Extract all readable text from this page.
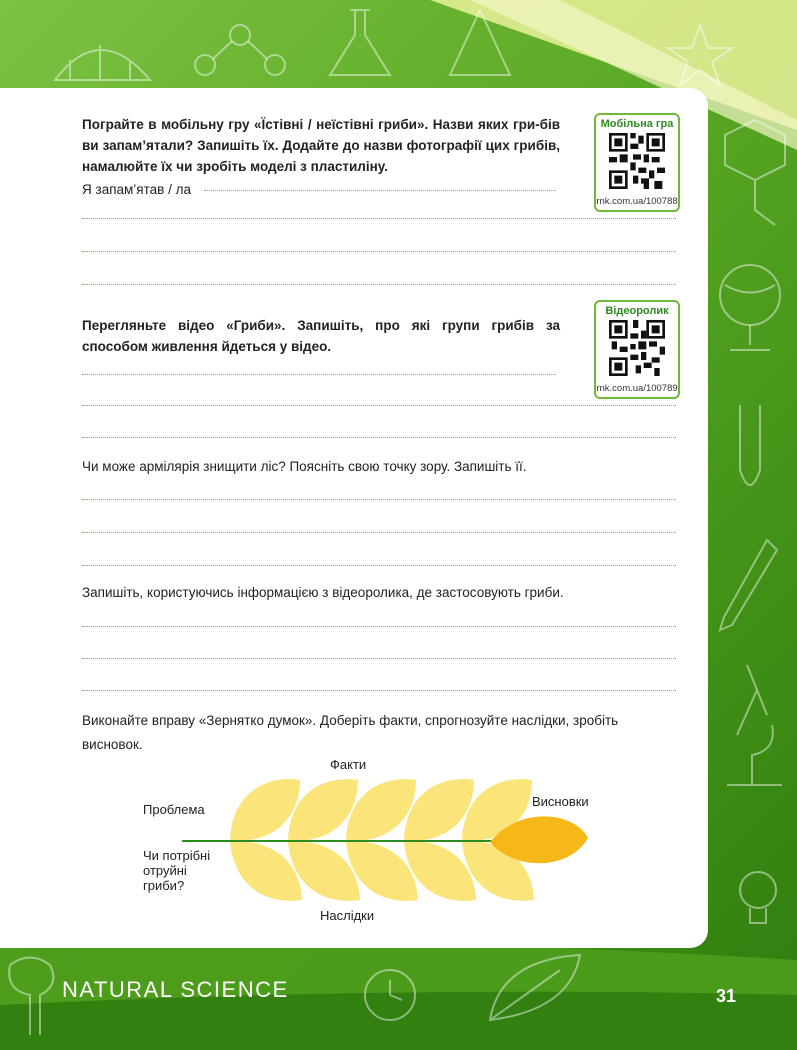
Пограйте в мобільну гру «Їстівні / неїстівні гриби». Назви яких гри-бів ви запам’ятали? Запишіть їх. Додайте до назви фотографії цих грибів, намалюйте їх чи зробіть моделі з пластиліну.
Я запам’ятав / ла
Мобільна гра
rnk.com.ua/100788
Перегляньте відео «Гриби». Запишіть, про які групи грибів за способом живлення йдеться у відео.
Відеоролик
rnk.com.ua/100789
Чи може армілярія знищити ліс? Поясніть свою точку зору. Запишіть її.
Запишіть, користуючись інформацією з відеоролика, де застосовують гриби.
Виконайте вправу «Зернятко думок». Доберіть факти, спрогнозуйте наслідки, зробіть висновок.
Факти
Проблема
Чи потрібні отруйні гриби?
Висновки
Наслідки
NATURAL SCIENCE	31
